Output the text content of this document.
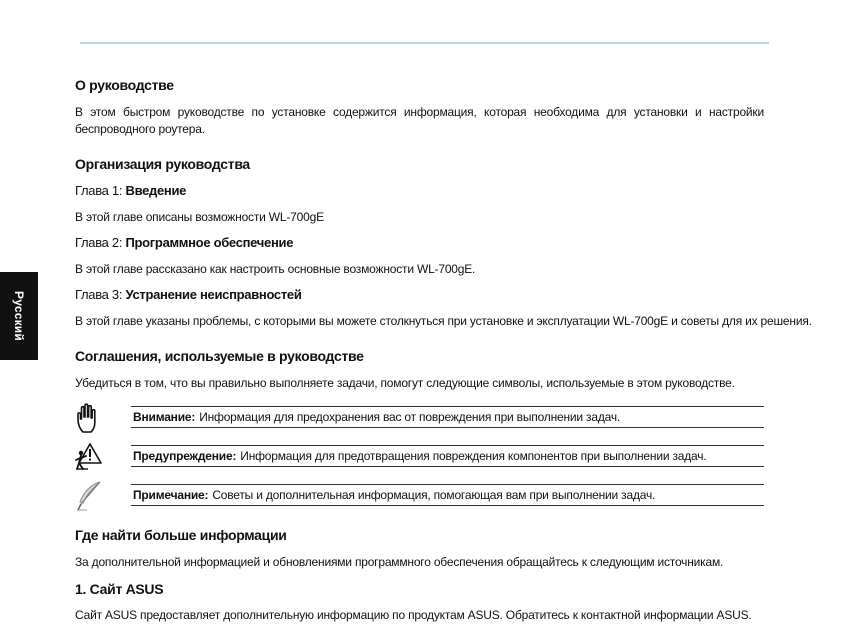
Русский
О руководстве
В этом быстром руководстве по установке содержится информация, которая необходима для установки и настройки беспроводного роутера.
Организация руководства
Глава 1: Введение
В этой главе описаны возможности WL-700gE
Глава 2: Программное обеспечение
В этой главе рассказано как настроить основные возможности WL-700gE.
Глава 3: Устранение неисправностей
В этой главе указаны проблемы, с которыми вы можете столкнуться при установке и эксплуатации WL-700gE и советы для их решения.
Соглашения, используемые в руководстве
Убедиться в том, что вы правильно выполняете задачи, помогут следующие символы, используемые в этом руководстве.
Внимание: Информация для предохранения вас от повреждения при выполнении задач.
Предупреждение: Информация для предотвращения повреждения компонентов при выполнении задач.
Примечание: Советы и дополнительная информация, помогающая вам при выполнении задач.
Где найти больше информации
За дополнительной информацией и обновлениями программного обеспечения обращайтесь к следующим источникам.
1. Сайт ASUS
Сайт ASUS предоставляет дополнительную информацию по продуктам ASUS. Обратитесь к контактной информации ASUS.
